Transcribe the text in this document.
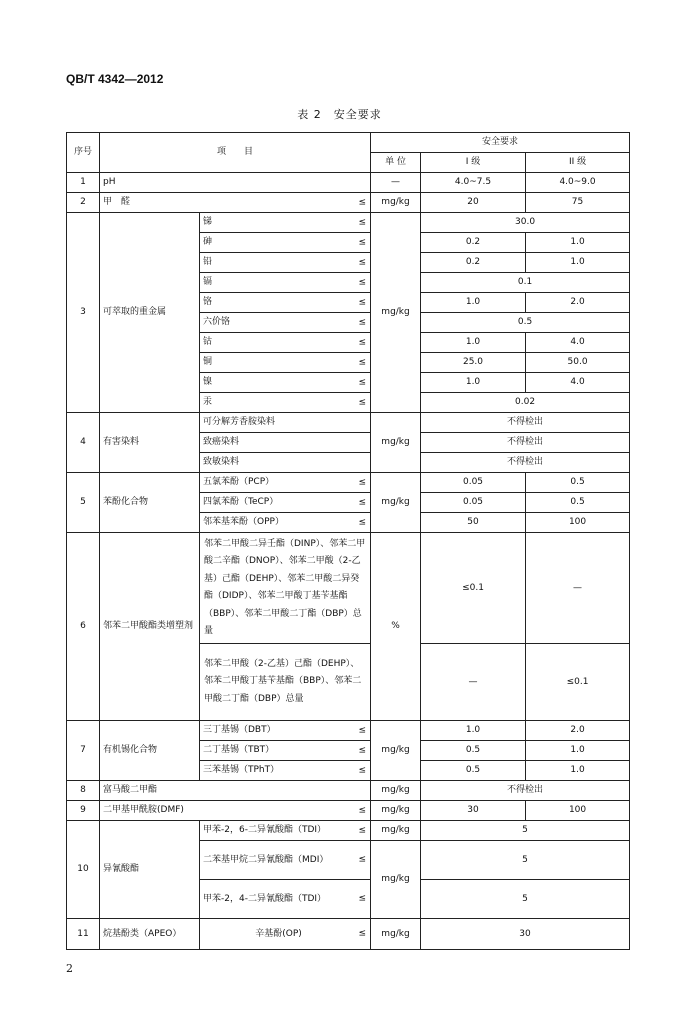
QB/T 4342—2012
表 2　安全要求
序号	项　　目		安全要求		
			单 位	I 级	II 级
1	pH		—	4.0~7.5	4.0~9.0
2	甲　醛 ≤		mg/kg	20	75
3	可萃取的重金属	锑 ≤	mg/kg	30.0	
		砷 ≤		0.2	1.0
		铅 ≤		0.2	1.0
		镉 ≤		0.1	
		铬 ≤		1.0	2.0
		六价铬 ≤		0.5	
		钴 ≤		1.0	4.0
		铜 ≤		25.0	50.0
		镍 ≤		1.0	4.0
		汞 ≤		0.02	
4	有害染料	可分解芳香胺染料	mg/kg	不得检出	
		致癌染料		不得检出	
		致敏染料		不得检出	
5	苯酚化合物	五氯苯酚（PCP） ≤	mg/kg	0.05	0.5
		四氯苯酚（TeCP） ≤		0.05	0.5
		邻苯基苯酚（OPP） ≤		50	100
6	邻苯二甲酸酯类增塑剂	邻苯二甲酸二异壬酯（DINP）、邻苯二甲酸二辛酯（DNOP）、邻苯二甲酸（2-乙基）己酯（DEHP）、邻苯二甲酸二异癸酯（DIDP）、邻苯二甲酸丁基苄基酯（BBP）、邻苯二甲酸二丁酯（DBP）总量	%	≤0.1	—
		邻苯二甲酸（2-乙基）己酯（DEHP）、邻苯二甲酸丁基苄基酯（BBP）、邻苯二甲酸二丁酯（DBP）总量		—	≤0.1
7	有机锡化合物	三丁基锡（DBT） ≤	mg/kg	1.0	2.0
		二丁基锡（TBT） ≤		0.5	1.0
		三苯基锡（TPhT） ≤		0.5	1.0
8	富马酸二甲酯		mg/kg	不得检出	
9	二甲基甲酰胺(DMF) ≤		mg/kg	30	100
10	异氰酸酯	甲苯-2，6-二异氰酸酯（TDI） ≤	mg/kg	5	
		二苯基甲烷二异氰酸酯（MDI） ≤	mg/kg	5	
		甲苯-2，4-二异氰酸酯（TDI） ≤		5	
11	烷基酚类（APEO）	辛基酚(OP) ≤	mg/kg	30	
2
